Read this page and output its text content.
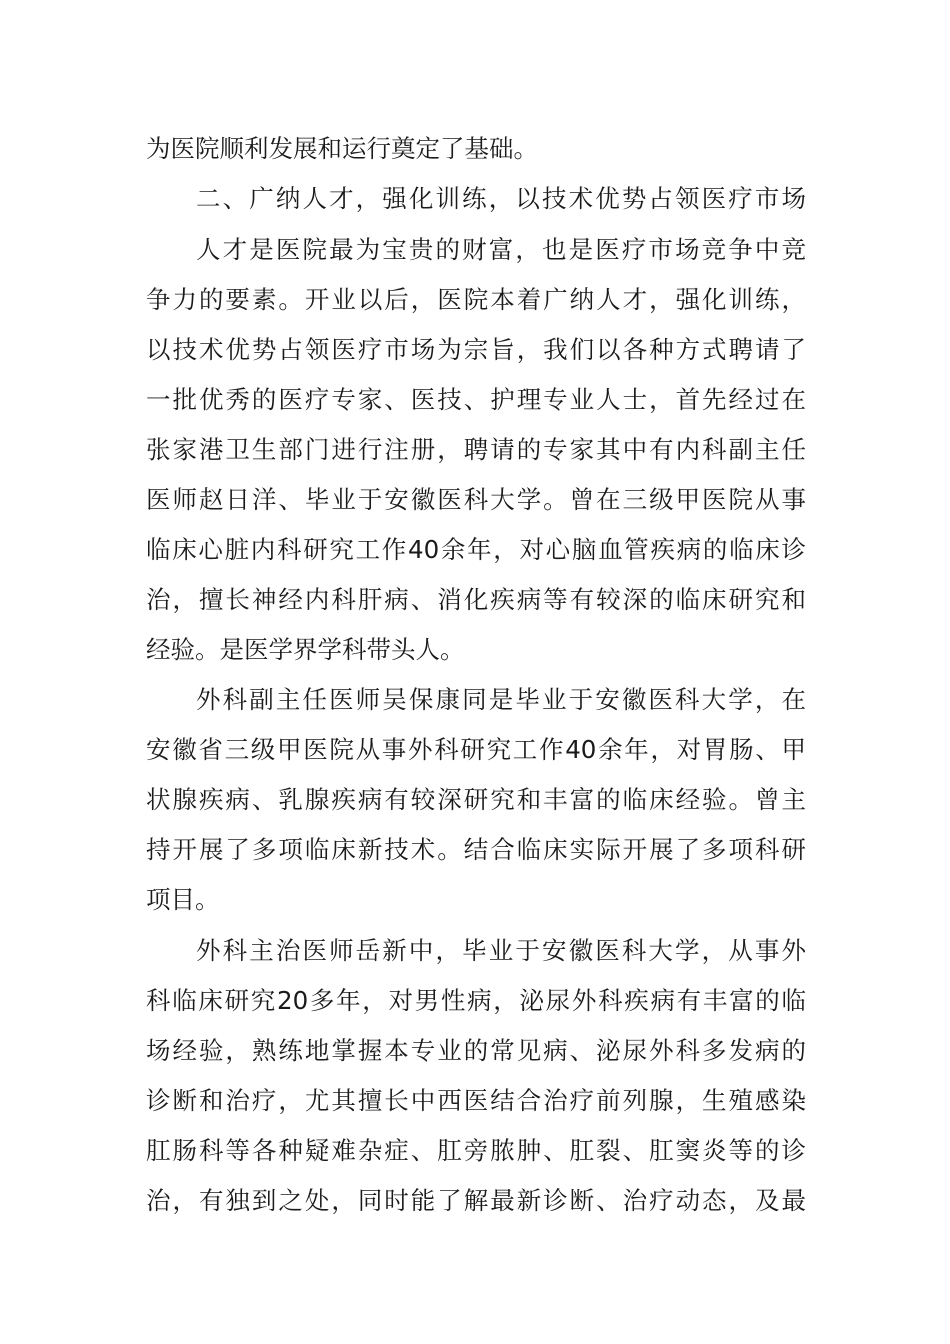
为医院顺利发展和运行奠定了基础。
二、广纳人才，强化训练，以技术优势占领医疗市场
人才是医院最为宝贵的财富，也是医疗市场竞争中竞
争力的要素。开业以后，医院本着广纳人才，强化训练，
以技术优势占领医疗市场为宗旨，我们以各种方式聘请了
一批优秀的医疗专家、医技、护理专业人士，首先经过在
张家港卫生部门进行注册，聘请的专家其中有内科副主任
医师赵日洋、毕业于安徽医科大学。曾在三级甲医院从事
临床心脏内科研究工作40余年，对心脑血管疾病的临床诊
治，擅长神经内科肝病、消化疾病等有较深的临床研究和
经验。是医学界学科带头人。
外科副主任医师吴保康同是毕业于安徽医科大学，在
安徽省三级甲医院从事外科研究工作40余年，对胃肠、甲
状腺疾病、乳腺疾病有较深研究和丰富的临床经验。曾主
持开展了多项临床新技术。结合临床实际开展了多项科研
项目。
外科主治医师岳新中，毕业于安徽医科大学，从事外
科临床研究20多年，对男性病，泌尿外科疾病有丰富的临
场经验，熟练地掌握本专业的常见病、泌尿外科多发病的
诊断和治疗，尤其擅长中西医结合治疗前列腺，生殖感染
肛肠科等各种疑难杂症、肛旁脓肿、肛裂、肛窦炎等的诊
治，有独到之处，同时能了解最新诊断、治疗动态，及最
